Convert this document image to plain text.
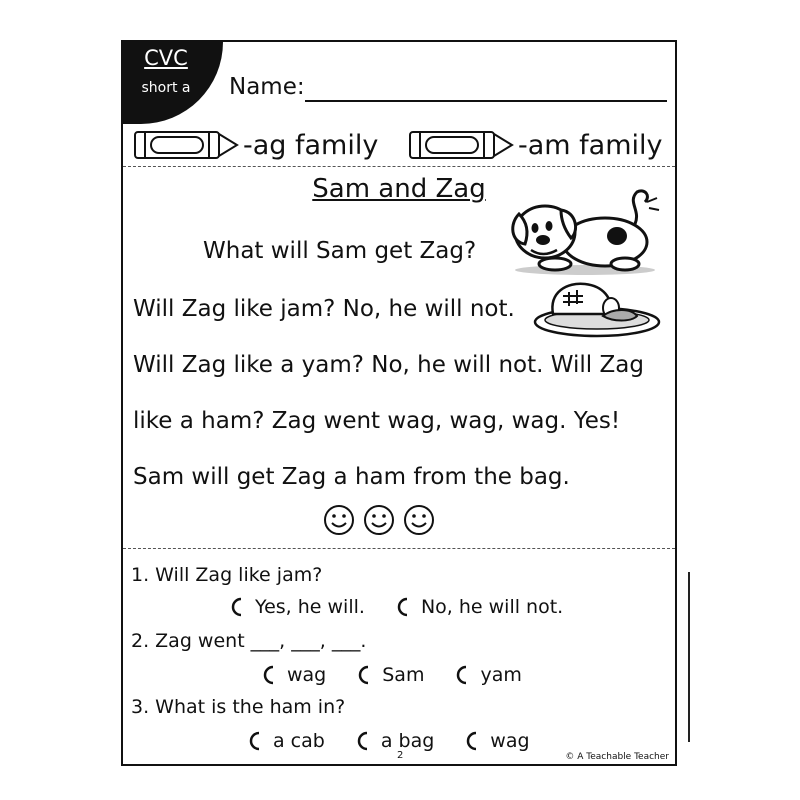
CVC
short a	Name:
-ag family	-am family
Sam and Zag
What will Sam get Zag?
Will Zag like jam? No, he will not.
Will Zag like a yam? No, he will not. Will Zag
like a ham? Zag went wag, wag, wag. Yes!
Sam will get Zag a ham from the bag.
1. Will Zag like jam?
Yes, he will.	No, he will not.
2. Zag went ___, ___, ___.
wag	Sam	yam
3. What is the ham in?
a cab	a bag	wag
2	© A Teachable Teacher
